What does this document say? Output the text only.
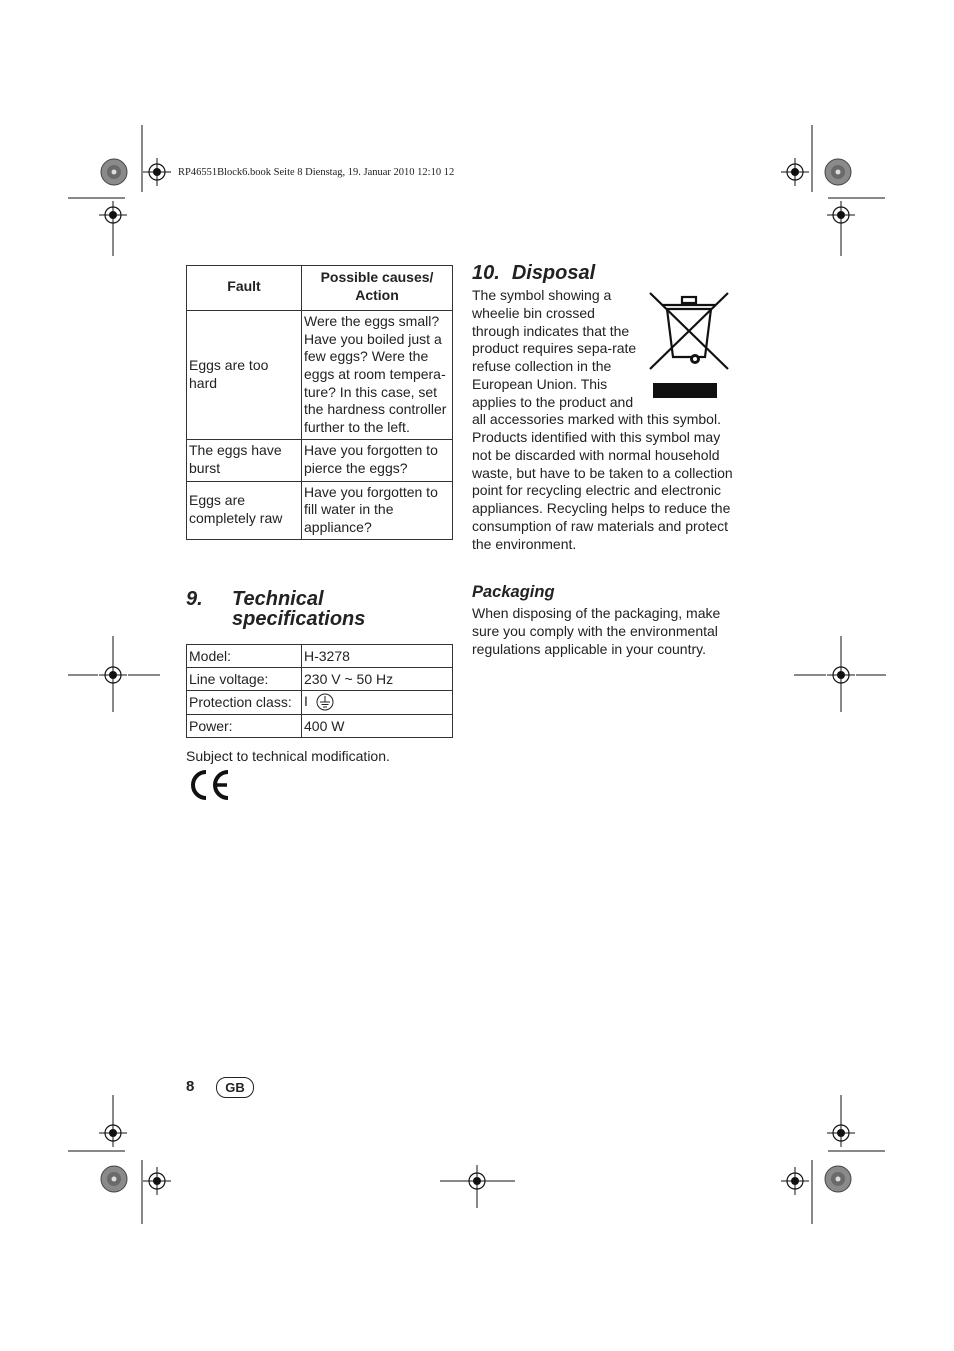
RP46551Block6.book Seite 8 Dienstag, 19. Januar 2010 12:10 12
Fault	Possible causes/
Action
Eggs are too hard	Were the eggs small? Have you boiled just a few eggs? Were the eggs at room tempera-ture? In this case, set the hardness controller further to the left.
The eggs have burst	Have you forgotten to pierce the eggs?
Eggs are completely raw	Have you forgotten to fill water in the appliance?
9. Technical
specifications
Model:	H-3278
Line voltage:	230 V ~ 50 Hz
Protection class:	I
Power:	400 W
Subject to technical modification.
10. Disposal
The symbol showing a wheelie bin crossed through indicates that the product requires sepa-rate refuse collection in the European Union. This applies to the product and all accessories marked with this symbol. Products identified with this symbol may not be discarded with normal household waste, but have to be taken to a collection point for recycling electric and electronic appliances. Recycling helps to reduce the consumption of raw materials and protect the environment.
Packaging
When disposing of the packaging, make sure you comply with the environmental regulations applicable in your country.
8	GB
